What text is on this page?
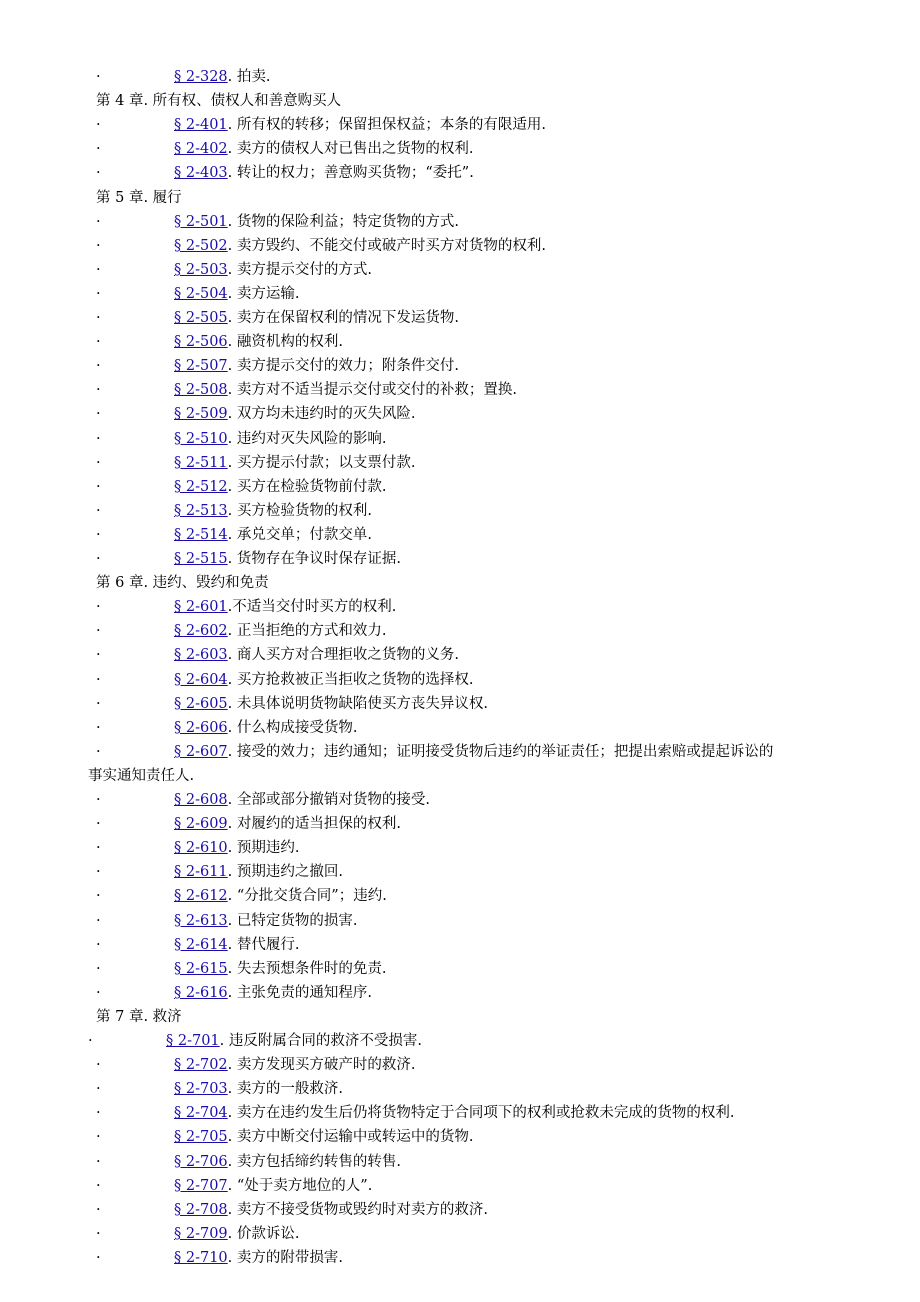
·	§ 2-328. 拍卖.
第 4 章. 所有权、债权人和善意购买人
·	§ 2-401. 所有权的转移；保留担保权益；本条的有限适用.
·	§ 2-402. 卖方的债权人对已售出之货物的权利.
·	§ 2-403. 转让的权力；善意购买货物；“委托”.
第 5 章. 履行
·	§ 2-501. 货物的保险利益；特定货物的方式.
·	§ 2-502. 卖方毁约、不能交付或破产时买方对货物的权利.
·	§ 2-503. 卖方提示交付的方式.
·	§ 2-504. 卖方运输.
·	§ 2-505. 卖方在保留权利的情况下发运货物.
·	§ 2-506. 融资机构的权利.
·	§ 2-507. 卖方提示交付的效力；附条件交付.
·	§ 2-508. 卖方对不适当提示交付或交付的补救；置换.
·	§ 2-509. 双方均未违约时的灭失风险.
·	§ 2-510. 违约对灭失风险的影响.
·	§ 2-511. 买方提示付款；以支票付款.
·	§ 2-512. 买方在检验货物前付款.
·	§ 2-513. 买方检验货物的权利.
·	§ 2-514. 承兑交单；付款交单.
·	§ 2-515. 货物存在争议时保存证据.
第 6 章. 违约、毁约和免责
·	§ 2-601.不适当交付时买方的权利.
·	§ 2-602. 正当拒绝的方式和效力.
·	§ 2-603. 商人买方对合理拒收之货物的义务.
·	§ 2-604. 买方抢救被正当拒收之货物的选择权.
·	§ 2-605. 未具体说明货物缺陷使买方丧失异议权.
·	§ 2-606. 什么构成接受货物.
·	§ 2-607. 接受的效力；违约通知；证明接受货物后违约的举证责任；把提出索赔或提起诉讼的
事实通知责任人.
·	§ 2-608. 全部或部分撤销对货物的接受.
·	§ 2-609. 对履约的适当担保的权利.
·	§ 2-610. 预期违约.
·	§ 2-611. 预期违约之撤回.
·	§ 2-612. “分批交货合同”；违约.
·	§ 2-613. 已特定货物的损害.
·	§ 2-614. 替代履行.
·	§ 2-615. 失去预想条件时的免责.
·	§ 2-616. 主张免责的通知程序.
第 7 章. 救济
·	§ 2-701. 违反附属合同的救济不受损害.
·	§ 2-702. 卖方发现买方破产时的救济.
·	§ 2-703. 卖方的一般救济.
·	§ 2-704. 卖方在违约发生后仍将货物特定于合同项下的权利或抢救未完成的货物的权利.
·	§ 2-705. 卖方中断交付运输中或转运中的货物.
·	§ 2-706. 卖方包括缔约转售的转售.
·	§ 2-707. “处于卖方地位的人”.
·	§ 2-708. 卖方不接受货物或毁约时对卖方的救济.
·	§ 2-709. 价款诉讼.
·	§ 2-710. 卖方的附带损害.
